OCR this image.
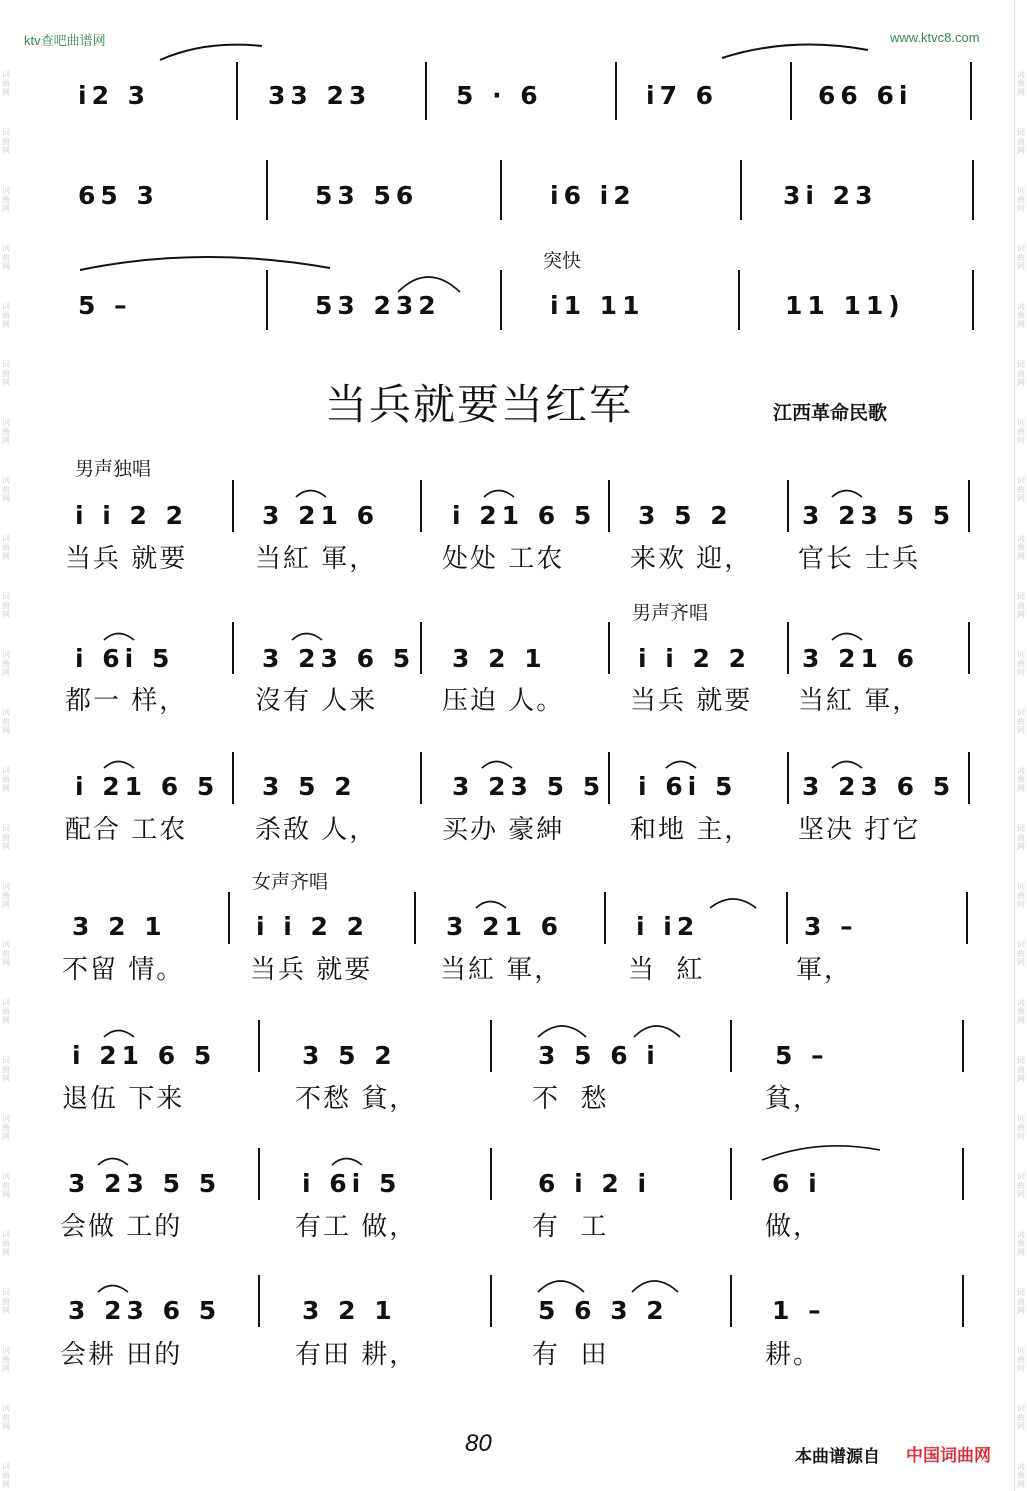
词
曲
网
词
曲
网
词
曲
网
词
曲
网
词
曲
网
词
曲
网
词
曲
网
词
曲
网
词
曲
网
词
曲
网
词
曲
网
词
曲
网
词
曲
网
词
曲
网
词
曲
网
词
曲
网
词
曲
网
词
曲
网
词
曲
网
词
曲
网
词
曲
网
词
曲
网
词
曲
网
词
曲
网
词
曲
网
词
曲
网
词
曲
网
词
曲
网
词
曲
网
词
曲
网
词
曲
网
词
曲
网
词
曲
网
词
曲
网
词
曲
网
词
曲
网
词
曲
网
词
曲
网
词
曲
网
词
曲
网
词
曲
网
词
曲
网
词
曲
网
词
曲
网
词
曲
网
词
曲
网
词
曲
网
词
曲
网
词
曲
网
词
曲
网
ktv查吧曲谱网	www.ktvc8.com
i2 3	33 23	5 · 6	i7 6	66 6i
65 3	53 56	i6 i2	3i 23
突快
5 –	53 232	i1 11	11 11)
当兵就要当红军	江西革命民歌
男声独唱
男声齐唱
女声齐唱
i i 2 2	3 21 6	i 21 6 5 3 5 2	3 23 5 5
当兵 就要	当紅 軍， 处处 工农	来欢 迎， 官长 士兵
i 6i 5	3 23 6 5 3 2 1	i i 2 2 3 21 6
都一 样，	沒有 人来 压迫 人。	当兵 就要 当紅 軍，
i 21 6 5 3 5 2	3 23 5 5 i 6i 5	3 23 6 5
配合 工农	杀敌 人， 买办 豪紳	和地 主， 坚决 打它
3 2 1	i i 2 2	3 21 6	i i2	3 –
不留 情。	当兵 就要	当紅 軍，	当  紅	軍，
i 21 6 5	3 5 2	3 5 6 i	5 –
退伍 下来	不愁 貧，	不  愁	貧，
3 23 5 5	i 6i 5	6 i 2 i	6 i
会做 工的	有工 做，	有  工	做，
3 23 6 5	3 2 1	5 6 3 2	1 –
会耕 田的	有田 耕，	有  田	耕。
80	本曲谱源自 中国词曲网
